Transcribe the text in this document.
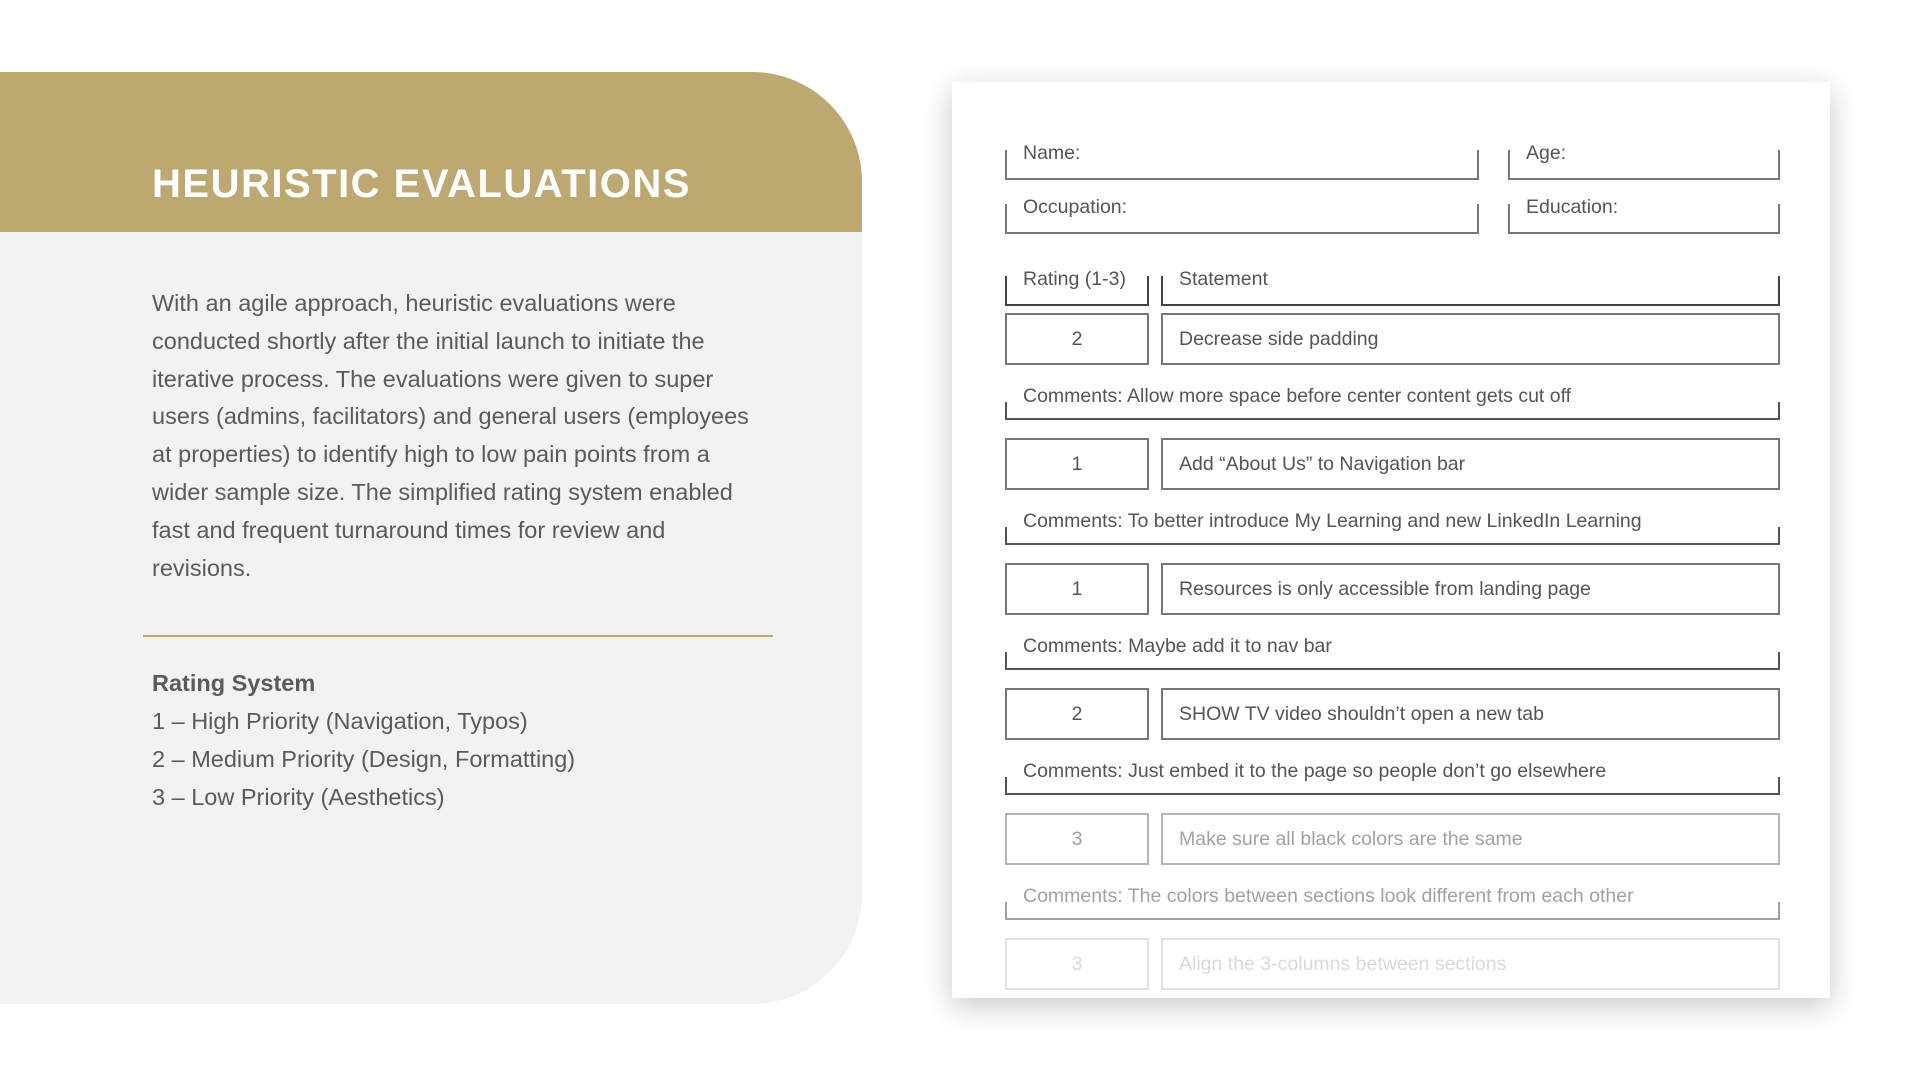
HEURISTIC EVALUATIONS

With an agile approach, heuristic evaluations were conducted shortly after the initial launch to initiate the iterative process. The evaluations were given to super users (admins, facilitators) and general users (employees at properties) to identify high to low pain points from a wider sample size. The simplified rating system enabled fast and frequent turnaround times for review and revisions.

Rating System
1 – High Priority (Navigation, Typos)
2 – Medium Priority (Design, Formatting)
3 – Low Priority (Aesthetics)
Name:	Age:
Occupation:	Education:
Rating (1-3)	Statement
2	Decrease side padding
Comments: Allow more space before center content gets cut off
1	Add “About Us” to Navigation bar
Comments: To better introduce My Learning and new LinkedIn Learning
1	Resources is only accessible from landing page
Comments: Maybe add it to nav bar
2	SHOW TV video shouldn’t open a new tab
Comments: Just embed it to the page so people don’t go elsewhere
3	Make sure all black colors are the same
Comments: The colors between sections look different from each other
3	Align the 3-columns between sections
